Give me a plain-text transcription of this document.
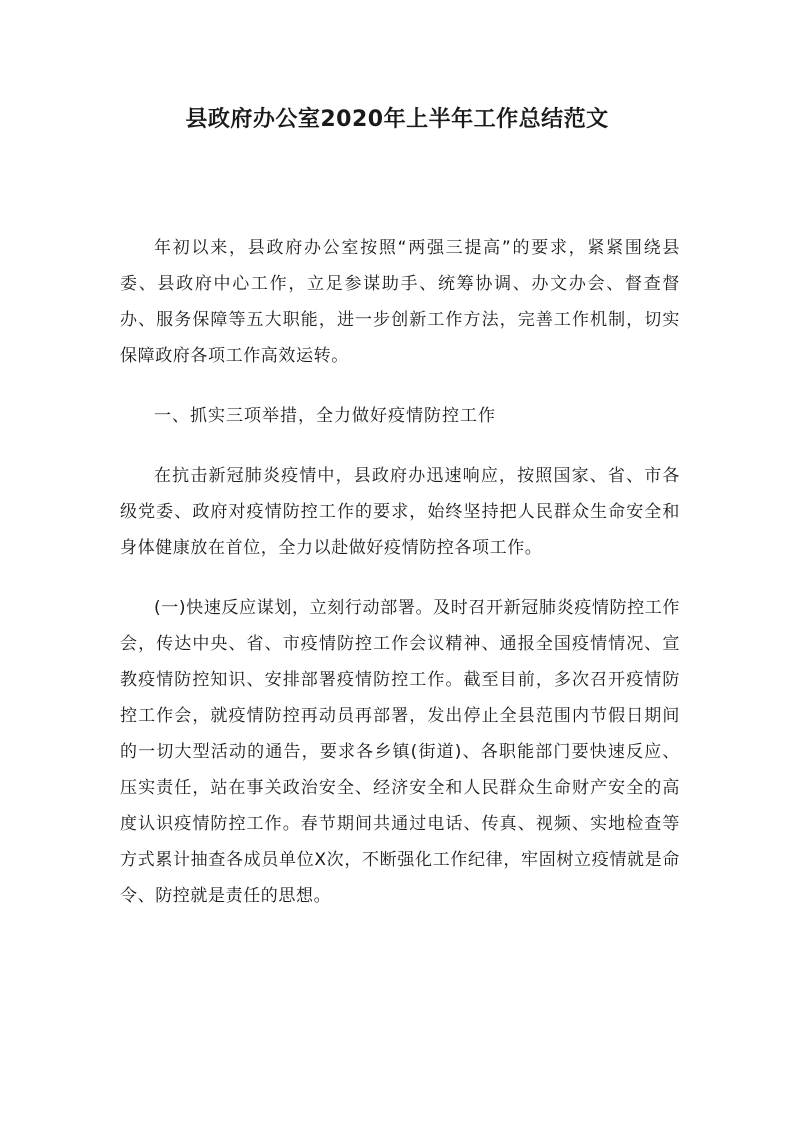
县政府办公室2020年上半年工作总结范文

年初以来，县政府办公室按照“两强三提高”的要求，紧紧围绕县委、县政府中心工作，立足参谋助手、统筹协调、办文办会、督查督办、服务保障等五大职能，进一步创新工作方法，完善工作机制，切实保障政府各项工作高效运转。

一、抓实三项举措，全力做好疫情防控工作

在抗击新冠肺炎疫情中，县政府办迅速响应，按照国家、省、市各级党委、政府对疫情防控工作的要求，始终坚持把人民群众生命安全和身体健康放在首位，全力以赴做好疫情防控各项工作。

(一)快速反应谋划，立刻行动部署。及时召开新冠肺炎疫情防控工作会，传达中央、省、市疫情防控工作会议精神、通报全国疫情情况、宣教疫情防控知识、安排部署疫情防控工作。截至目前，多次召开疫情防控工作会，就疫情防控再动员再部署，发出停止全县范围内节假日期间的一切大型活动的通告，要求各乡镇(街道)、各职能部门要快速反应、压实责任，站在事关政治安全、经济安全和人民群众生命财产安全的高度认识疫情防控工作。春节期间共通过电话、传真、视频、实地检查等方式累计抽查各成员单位X次，不断强化工作纪律，牢固树立疫情就是命令、防控就是责任的思想。
